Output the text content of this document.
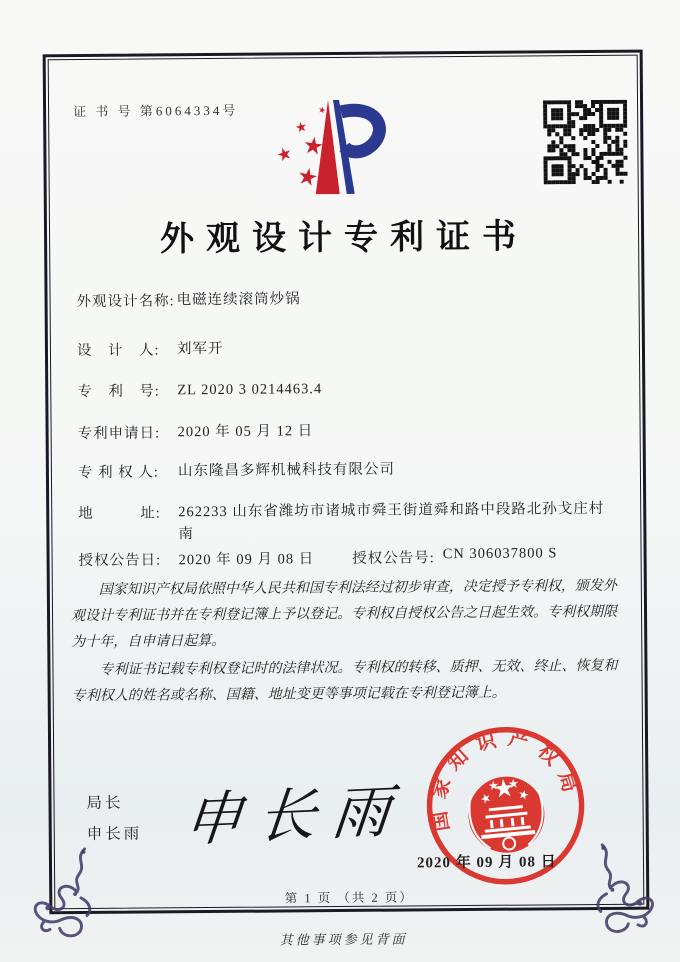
证 书 号 第6064334号
外观设计专利证书
外观设计名称: 电磁连续滚筒炒锅
设　计　人:	刘军开
专　利　号:	ZL 2020 3 0214463.4
专利申请日:	2020 年 05 月 12 日
专 利 权 人:	山东隆昌多辉机械科技有限公司
地　　　址:	262233 山东省潍坊市诸城市舜王街道舜和路中段路北孙戈庄村南
授权公告日:	2020 年 09 月 08 日	授权公告号: CN 306037800 S

国家知识产权局依照中华人民共和国专利法经过初步审查，决定授予专利权，颁发外观设计专利证书并在专利登记簿上予以登记。专利权自授权公告之日起生效。专利权期限为十年，自申请日起算。

专利证书记载专利权登记时的法律状况。专利权的转移、质押、无效、终止、恢复和专利权人的姓名或名称、国籍、地址变更等事项记载在专利登记簿上。

局长
申长雨 申长雨 国家知识产权局
2020 年 09 月 08 日
第 1 页 （共 2 页）
其他事项参见背面
